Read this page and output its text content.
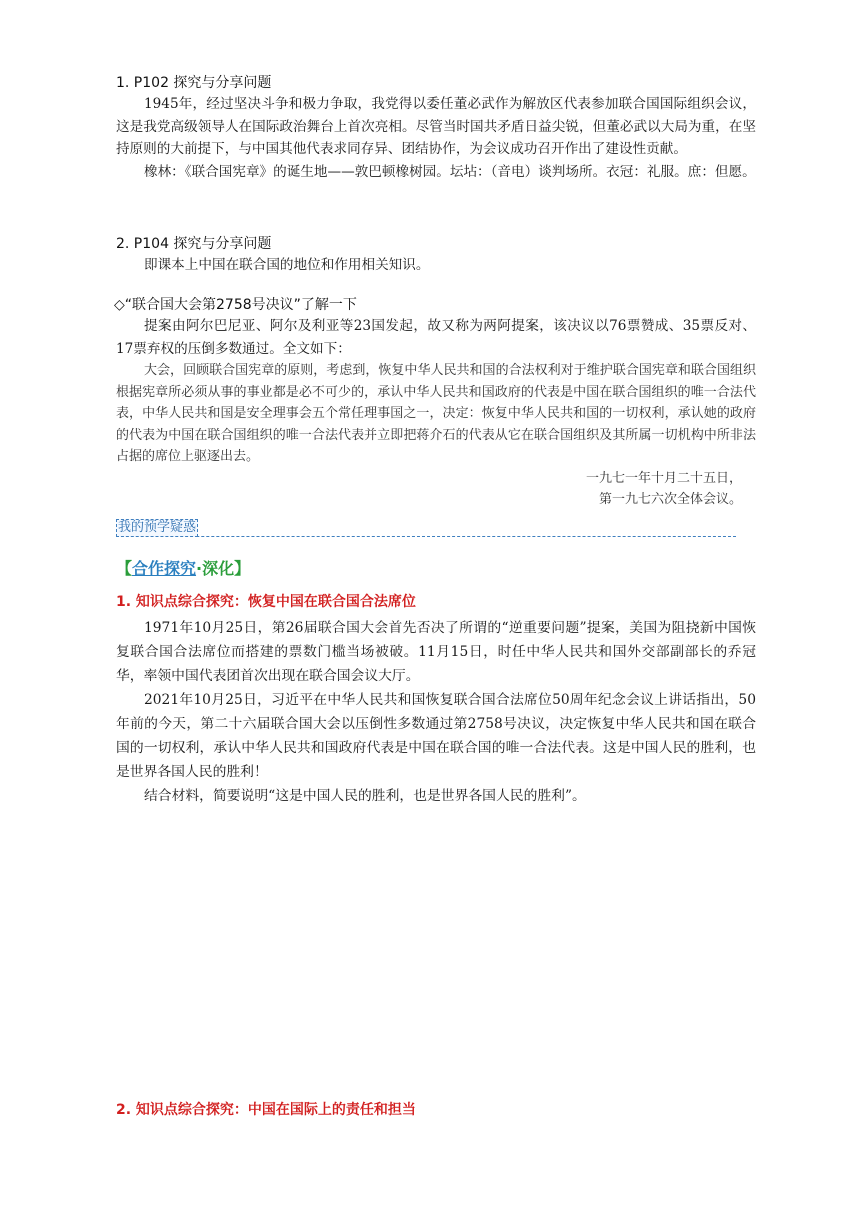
1. P102 探究与分享问题

1945年，经过坚决斗争和极力争取，我党得以委任董必武作为解放区代表参加联合国国际组织会议，这是我党高级领导人在国际政治舞台上首次亮相。尽管当时国共矛盾日益尖锐，但董必武以大局为重，在坚持原则的大前提下，与中国其他代表求同存异、团结协作，为会议成功召开作出了建设性贡献。

橡林：《联合国宪章》的诞生地——敦巴顿橡树园。坛坫：（音电）谈判场所。衣冠：礼服。庶：但愿。

2. P104 探究与分享问题

即课本上中国在联合国的地位和作用相关知识。

◇“联合国大会第2758号决议”了解一下

提案由阿尔巴尼亚、阿尔及利亚等23国发起，故又称为两阿提案，该决议以76票赞成、35票反对、17票弃权的压倒多数通过。全文如下：

大会，回顾联合国宪章的原则，考虑到，恢复中华人民共和国的合法权利对于维护联合国宪章和联合国组织根据宪章所必须从事的事业都是必不可少的，承认中华人民共和国政府的代表是中国在联合国组织的唯一合法代表，中华人民共和国是安全理事会五个常任理事国之一，决定：恢复中华人民共和国的一切权利，承认她的政府的代表为中国在联合国组织的唯一合法代表并立即把蒋介石的代表从它在联合国组织及其所属一切机构中所非法占据的席位上驱逐出去。

一九七一年十月二十五日，
第一九七六次全体会议。
我的预学疑惑
【合作探究·深化】
1. 知识点综合探究：恢复中国在联合国合法席位

1971年10月25日，第26届联合国大会首先否决了所谓的“逆重要问题”提案，美国为阻挠新中国恢复联合国合法席位而搭建的票数门槛当场被破。11月15日，时任中华人民共和国外交部副部长的乔冠华，率领中国代表团首次出现在联合国会议大厅。

2021年10月25日，习近平在中华人民共和国恢复联合国合法席位50周年纪念会议上讲话指出，50年前的今天，第二十六届联合国大会以压倒性多数通过第2758号决议，决定恢复中华人民共和国在联合国的一切权利，承认中华人民共和国政府代表是中国在联合国的唯一合法代表。这是中国人民的胜利，也是世界各国人民的胜利！

结合材料，简要说明“这是中国人民的胜利，也是世界各国人民的胜利”。

2. 知识点综合探究：中国在国际上的责任和担当
